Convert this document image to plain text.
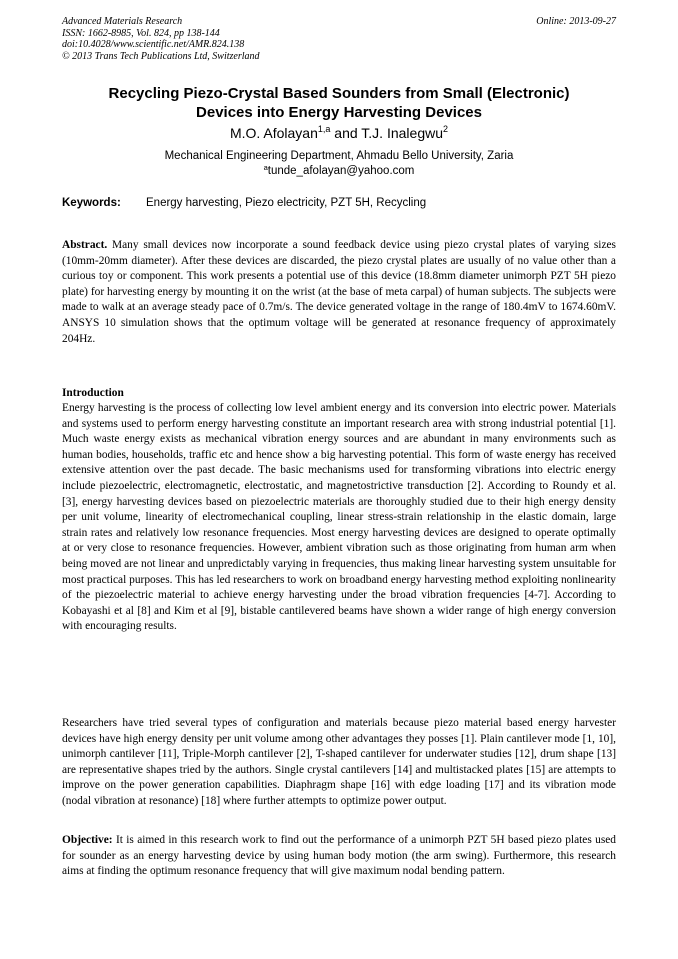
Advanced Materials Research
ISSN: 1662-8985, Vol. 824, pp 138-144
doi:10.4028/www.scientific.net/AMR.824.138
© 2013 Trans Tech Publications Ltd, Switzerland
Online: 2013-09-27
Recycling Piezo-Crystal Based Sounders from Small (Electronic)
Devices into Energy Harvesting Devices
M.O. Afolayan$^{1,a}$ and T.J. Inalegwu$^2$
Mechanical Engineering Department, Ahmadu Bello University, Zaria
$^a$tunde_afolayan@yahoo.com
Keywords: Energy harvesting, Piezo electricity, PZT 5H, Recycling
Abstract. Many small devices now incorporate a sound feedback device using piezo crystal plates of varying sizes (10mm-20mm diameter). After these devices are discarded, the piezo crystal plates are usually of no value other than a curious toy or component. This work presents a potential use of this device (18.8mm diameter unimorph PZT 5H piezo plate) for harvesting energy by mounting it on the wrist (at the base of meta carpal) of human subjects. The subjects were made to walk at an average steady pace of 0.7m/s. The device generated voltage in the range of 180.4mV to 1674.60mV. ANSYS 10 simulation shows that the optimum voltage will be generated at resonance frequency of approximately 204Hz.
Introduction
Energy harvesting is the process of collecting low level ambient energy and its conversion into electric power. Materials and systems used to perform energy harvesting constitute an important research area with strong industrial potential [1]. Much waste energy exists as mechanical vibration energy sources and are abundant in many environments such as human bodies, households, traffic etc and hence show a big harvesting potential. This form of waste energy has received extensive attention over the past decade. The basic mechanisms used for transforming vibrations into electric energy include piezoelectric, electromagnetic, electrostatic, and magnetostrictive transduction [2]. According to Roundy et al. [3], energy harvesting devices based on piezoelectric materials are thoroughly studied due to their high energy density per unit volume, linearity of electromechanical coupling, linear stress-strain relationship in the elastic domain, large strain rates and relatively low resonance frequencies. Most energy harvesting devices are designed to operate optimally at or very close to resonance frequencies. However, ambient vibration such as those originating from human arm when being moved are not linear and unpredictably varying in frequencies, thus making linear harvesting system unsuitable for most practical purposes. This has led researchers to work on broadband energy harvesting method exploiting nonlinearity of the piezoelectric material to achieve energy harvesting under the broad vibration frequencies [4-7]. According to Kobayashi et al [8] and Kim et al [9], bistable cantilevered beams have shown a wider range of high energy conversion with encouraging results.
Researchers have tried several types of configuration and materials because piezo material based energy harvester devices have high energy density per unit volume among other advantages they posses [1]. Plain cantilever mode [1, 10], unimorph cantilever [11], Triple-Morph cantilever [2], T-shaped cantilever for underwater studies [12], drum shape [13] are representative shapes tried by the authors. Single crystal cantilevers [14] and multistacked plates [15] are attempts to improve on the power generation capabilities. Diaphragm shape [16] with edge loading [17] and its vibration mode (nodal vibration at resonance) [18] where further attempts to optimize power output.
Objective: It is aimed in this research work to find out the performance of a unimorph PZT 5H based piezo plates used for sounder as an energy harvesting device by using human body motion (the arm swing). Furthermore, this research aims at finding the optimum resonance frequency that will give maximum nodal bending pattern.
